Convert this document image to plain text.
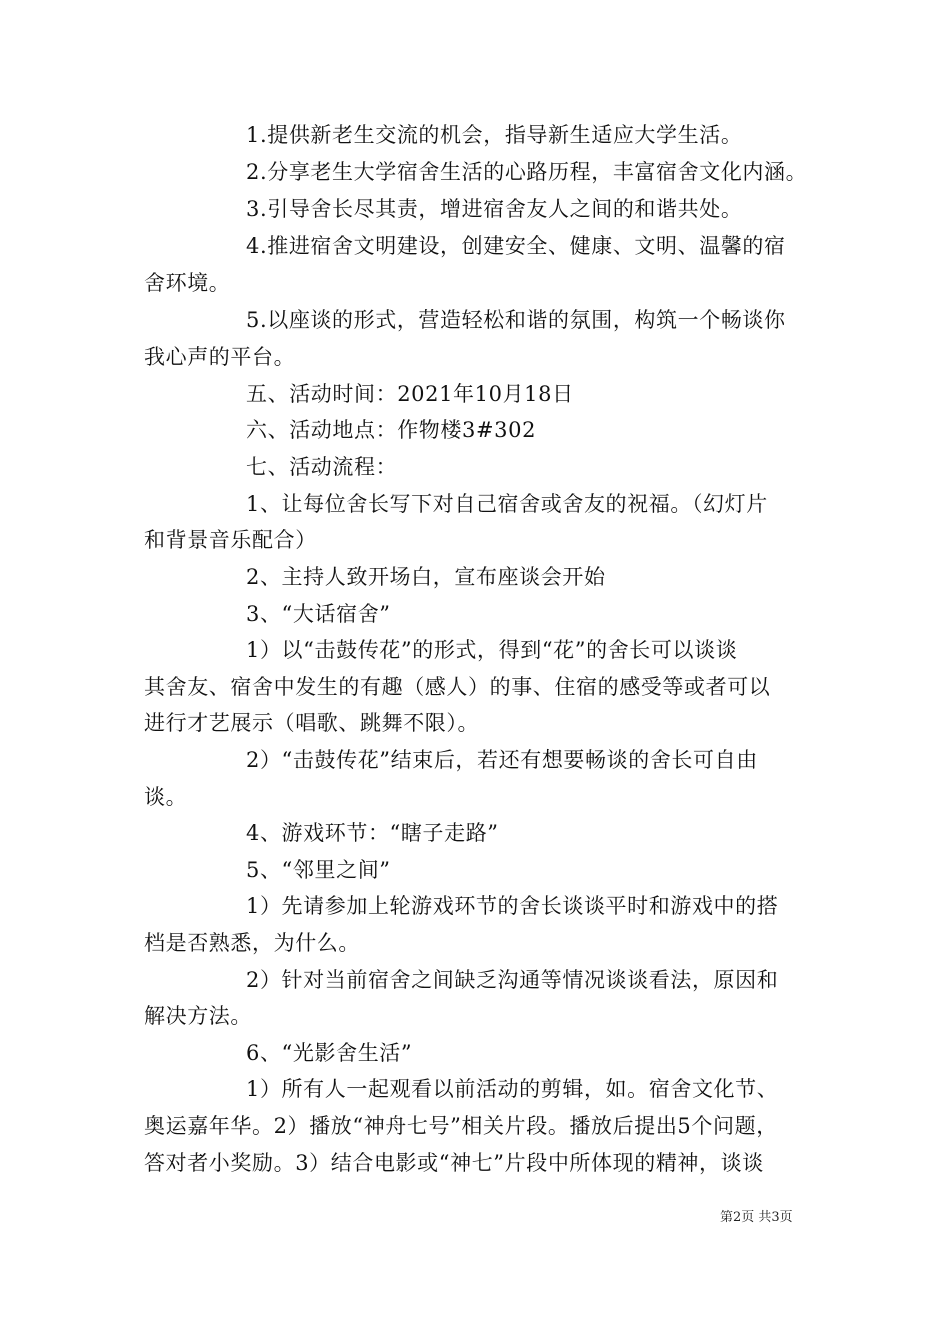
1.提供新老生交流的机会，指导新生适应大学生活。

2.分享老生大学宿舍生活的心路历程，丰富宿舍文化内涵。

3.引导舍长尽其责，增进宿舍友人之间的和谐共处。

4.推进宿舍文明建设，创建安全、健康、文明、温馨的宿

舍环境。

5.以座谈的形式，营造轻松和谐的氛围，构筑一个畅谈你

我心声的平台。

五、活动时间：2021年10月18日

六、活动地点：作物楼3#302

七、活动流程：

1、让每位舍长写下对自己宿舍或舍友的祝福。（幻灯片

和背景音乐配合）

2、主持人致开场白，宣布座谈会开始

3、“大话宿舍”

1）以“击鼓传花”的形式，得到“花”的舍长可以谈谈

其舍友、宿舍中发生的有趣（感人）的事、住宿的感受等或者可以

进行才艺展示（唱歌、跳舞不限）。

2）“击鼓传花”结束后，若还有想要畅谈的舍长可自由

谈。

4、游戏环节：“瞎子走路”

5、“邻里之间”

1）先请参加上轮游戏环节的舍长谈谈平时和游戏中的搭

档是否熟悉，为什么。

2）针对当前宿舍之间缺乏沟通等情况谈谈看法，原因和

解决方法。

6、“光影舍生活”

1）所有人一起观看以前活动的剪辑，如。宿舍文化节、

奥运嘉年华。2）播放“神舟七号”相关片段。播放后提出5个问题，

答对者小奖励。3）结合电影或“神七”片段中所体现的精神，谈谈

第2页 共3页
